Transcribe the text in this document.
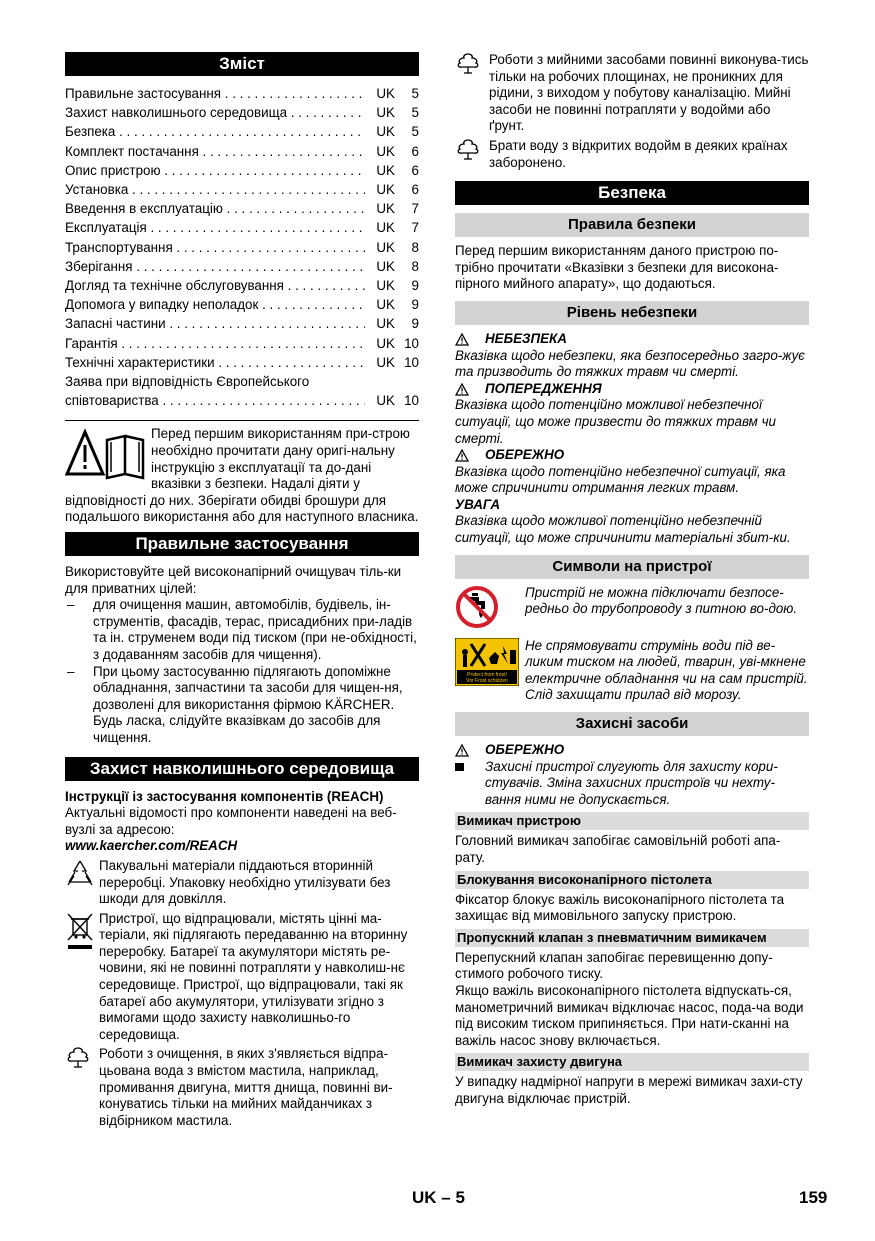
Зміст
Правильне застосування . . .	UK	5
Захист навколишнього середовища . . .	UK	5
Безпека . . .	UK	5
Комплект постачання . . .	UK	6
Опис пристрою . . .	UK	6
Установка . . .	UK	6
Введення в експлуатацію . . .	UK	7
Експлуатація . . .	UK	7
Транспортування . . .	UK	8
Зберігання . . .	UK	8
Догляд та технічне обслуговування . . .	UK	9
Допомога у випадку неполадок . . .	UK	9
Запасні частини . . .	UK	9
Гарантія . . .	UK 10
Технічні характеристики . . .	UK 10
Заява при відповідність Європейського
співтовариства . . .	UK 10

Перед першим використанням при-строю необхідно прочитати дану оригі-нальну інструкцію з експлуатації та до-дані вказівки з безпеки. Надалі діяти у відповідності до них. Зберігати обидві брошури для подальшого використання або для наступного власника.

Правильне застосування

Використовуйте цей високонапірний очищувач тіль-ки для приватних цілей:

– для очищення машин, автомобілів, будівель, ін-струментів, фасадів, терас, присадибних при-ладів та ін. струменем води під тиском (при не-обхідності, з додаванням засобів для чищення).
– При цьому застосуванню підлягають допоміжне обладнання, запчастини та засоби для чищен-ня, дозволені для використання фірмою KÄRCHER. Будь ласка, слідуйте вказівкам до засобів для чищення.
Захист навколишнього середовища

Інструкції із застосування компонентів (REACH)

Актуальні відомості про компоненти наведені на веб-вузлі за адресою:

www.kaercher.com/REACH

Пакувальні матеріали піддаються вторинній переробці. Упаковку необхідно утилізувати без шкоди для довкілля.
Пристрої, що відпрацювали, містять цінні ма-теріали, які підлягають передаванню на вторинну переробку. Батареї та акумулятори містять ре-човини, які не повинні потрапляти у навколиш-нє середовище. Пристрої, що відпрацювали, такі як батареї або акумулятори, утилізувати згідно з вимогами щодо захисту навколишньо-го середовища.
Роботи з очищення, в яких з'являється відпра-цьована вода з вмістом мастила, наприклад, промивання двигуна, миття днища, повинні ви-конуватись тільки на мийних майданчиках з відбірником мастила.
Роботи з мийними засобами повинні виконува-тись тільки на робочих площинах, не проникних для рідини, з виходом у побутову каналізацію. Мийні засоби не повинні потрапляти у водойми або ґрунт.
Брати воду з відкритих водойм в деяких країнах заборонено.
Безпека
Правила безпеки

Перед першим використанням даного пристрою по-трібно прочитати «Вказівки з безпеки для високона-пірного мийного апарату», що додаються.

Рівень небезпеки
НЕБЕЗПЕКА

Вказівка щодо небезпеки, яка безпосередньо загро-жує та призводить до тяжких травм чи смерті.

ПОПЕРЕДЖЕННЯ

Вказівка щодо потенційно можливої небезпечної ситуації, що може призвести до тяжких травм чи смерті.

ОБЕРЕЖНО

Вказівка щодо потенційно небезпечної ситуації, яка може спричинити отримання легких травм.

УВАГА

Вказівка щодо можливої потенційно небезпечній ситуації, що може спричинити матеріальні збит-ки.

Символи на пристрої
Пристрій не можна підключати безпосе-редньо до трубопроводу з питною во-дою.
Protect from frost!
Vor Frost schützen
Не спрямовувати струмінь води під ве-ликим тиском на людей, тварин, уві-мкнене електричне обладнання чи на сам пристрій.
Слід захищати прилад від морозу.
Захисні засоби
ОБЕРЕЖНО
Захисні пристрої слугують для захисту кори-стувачів. Зміна захисних пристроїв чи нехту-вання ними не допускається.
Вимикач пристрою

Головний вимикач запобігає самовільній роботі апа-рату.

Блокування високонапірного пістолета

Фіксатор блокує важіль високонапірного пістолета та захищає від мимовільного запуску пристрою.

Пропускний клапан з пневматичним вимикачем

Перепускний клапан запобігає перевищенню допу-стимого робочого тиску.

Якщо важіль високонапірного пістолета відпускать-ся, манометричний вимикач відключає насос, пода-ча води під високим тиском припиняється. При нати-сканні на важіль насос знову включається.

Вимикач захисту двигуна

У випадку надмірної напруги в мережі вимикач захи-сту двигуна відключає пристрій.

UK – 5	159
